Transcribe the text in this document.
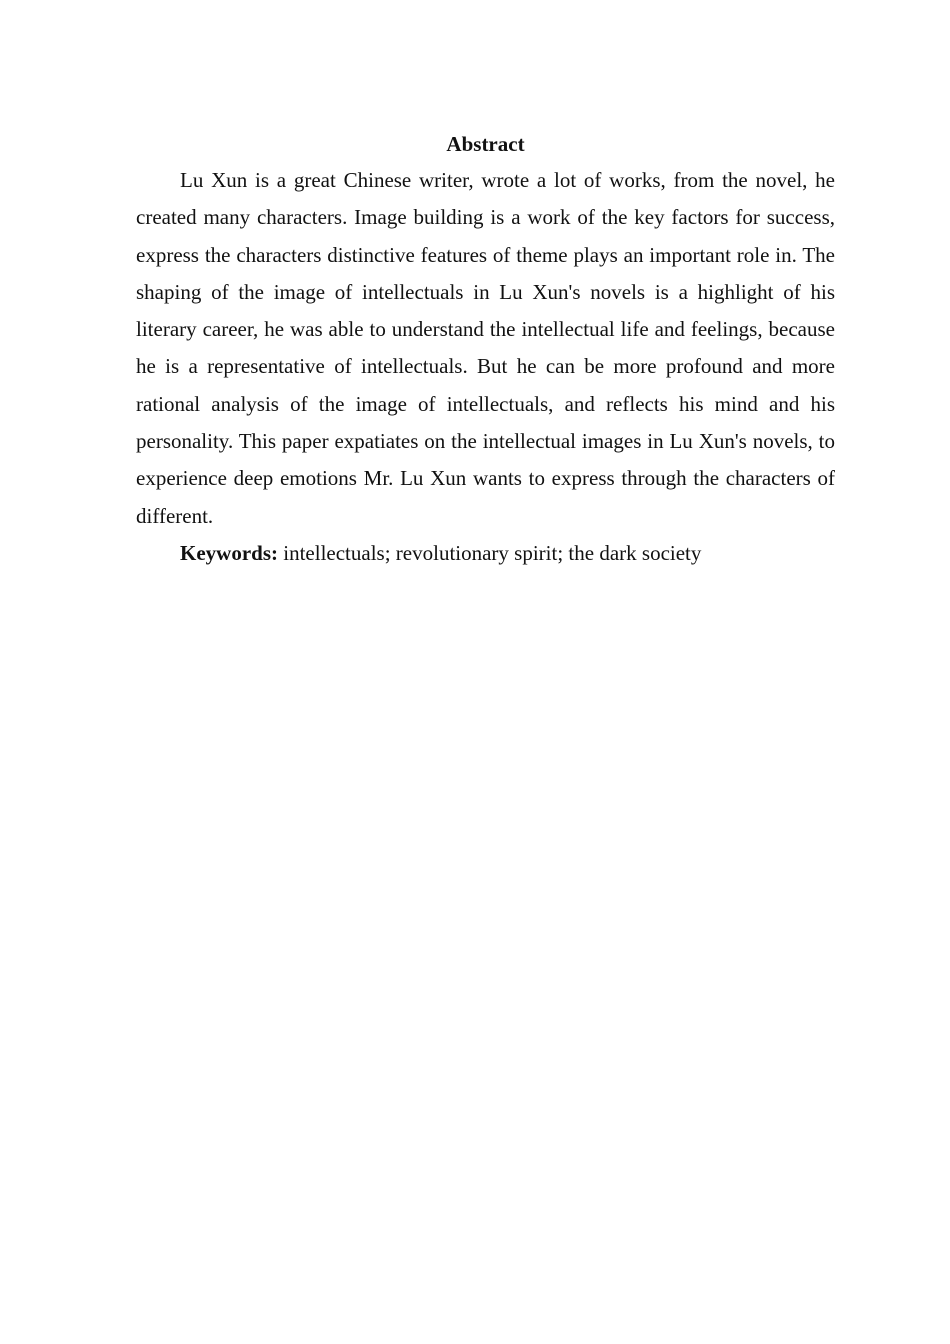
Abstract

Lu Xun is a great Chinese writer, wrote a lot of works, from the novel, he created many characters. Image building is a work of the key factors for success, express the characters distinctive features of theme plays an important role in. The shaping of the image of intellectuals in Lu Xun's novels is a highlight of his literary career, he was able to understand the intellectual life and feelings, because he is a representative of intellectuals. But he can be more profound and more rational analysis of the image of intellectuals, and reflects his mind and his personality. This paper expatiates on the intellectual images in Lu Xun's novels, to experience deep emotions Mr. Lu Xun wants to express through the characters of different.

Keywords: intellectuals; revolutionary spirit; the dark society
